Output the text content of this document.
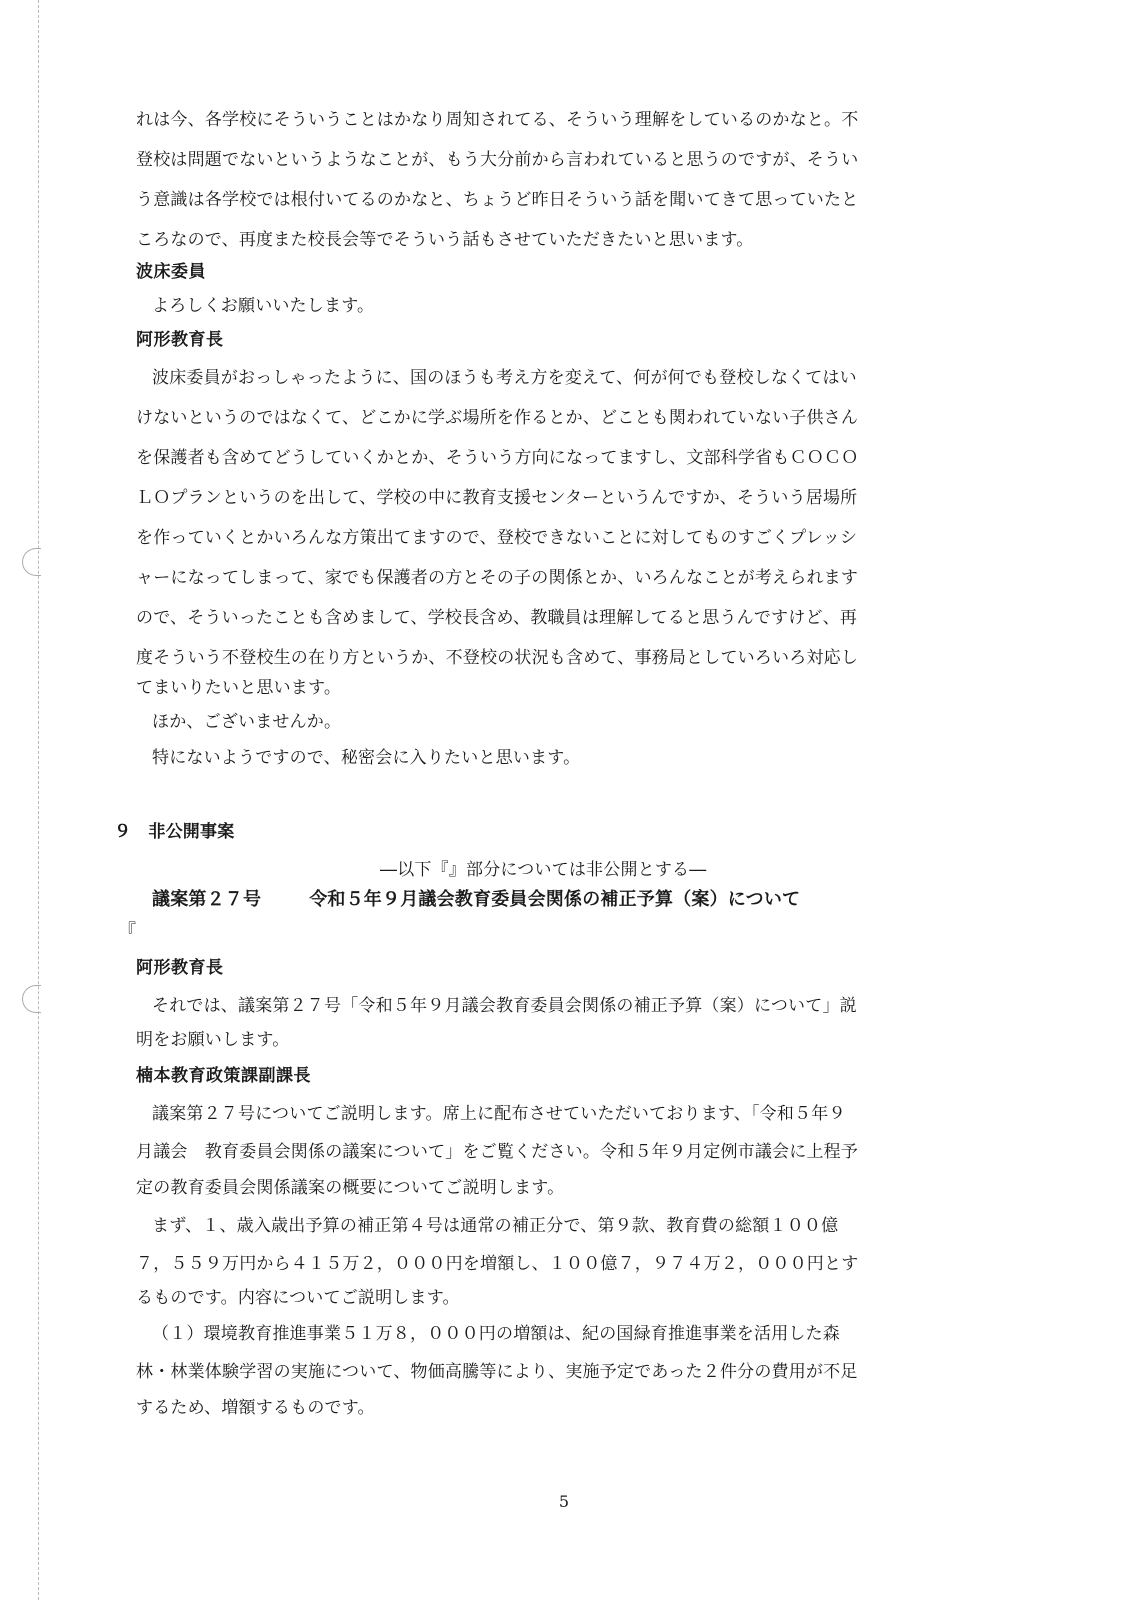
れは今、各学校にそういうことはかなり周知されてる、そういう理解をしているのかなと。不
登校は問題でないというようなことが、もう大分前から言われていると思うのですが、そうい
う意識は各学校では根付いてるのかなと、ちょうど昨日そういう話を聞いてきて思っていたと
ころなので、再度また校長会等でそういう話もさせていただきたいと思います。
波床委員
よろしくお願いいたします。
阿形教育長
波床委員がおっしゃったように、国のほうも考え方を変えて、何が何でも登校しなくてはい
けないというのではなくて、どこかに学ぶ場所を作るとか、どことも関われていない子供さん
を保護者も含めてどうしていくかとか、そういう方向になってますし、文部科学省もＣＯＣＯ
ＬＯプランというのを出して、学校の中に教育支援センターというんですか、そういう居場所
を作っていくとかいろんな方策出てますので、登校できないことに対してものすごくプレッシ
ャーになってしまって、家でも保護者の方とその子の関係とか、いろんなことが考えられます
ので、そういったことも含めまして、学校長含め、教職員は理解してると思うんですけど、再
度そういう不登校生の在り方というか、不登校の状況も含めて、事務局としていろいろ対応し
てまいりたいと思います。
ほか、ございませんか。
特にないようですので、秘密会に入りたいと思います。
９　非公開事案
―以下『』部分については非公開とする―
議案第２７号	令和５年９月議会教育委員会関係の補正予算（案）について
『
阿形教育長
それでは、議案第２７号「令和５年９月議会教育委員会関係の補正予算（案）について」説
明をお願いします。
楠本教育政策課副課長
議案第２７号についてご説明します。席上に配布させていただいております、「令和５年９
月議会　教育委員会関係の議案について」をご覧ください。令和５年９月定例市議会に上程予
定の教育委員会関係議案の概要についてご説明します。
まず、１、歳入歳出予算の補正第４号は通常の補正分で、第９款、教育費の総額１００億
７，５５９万円から４１５万２，０００円を増額し、１００億７，９７４万２，０００円とす
るものです。内容についてご説明します。
（１）環境教育推進事業５１万８，０００円の増額は、紀の国緑育推進事業を活用した森
林・林業体験学習の実施について、物価高騰等により、実施予定であった２件分の費用が不足
するため、増額するものです。
5
